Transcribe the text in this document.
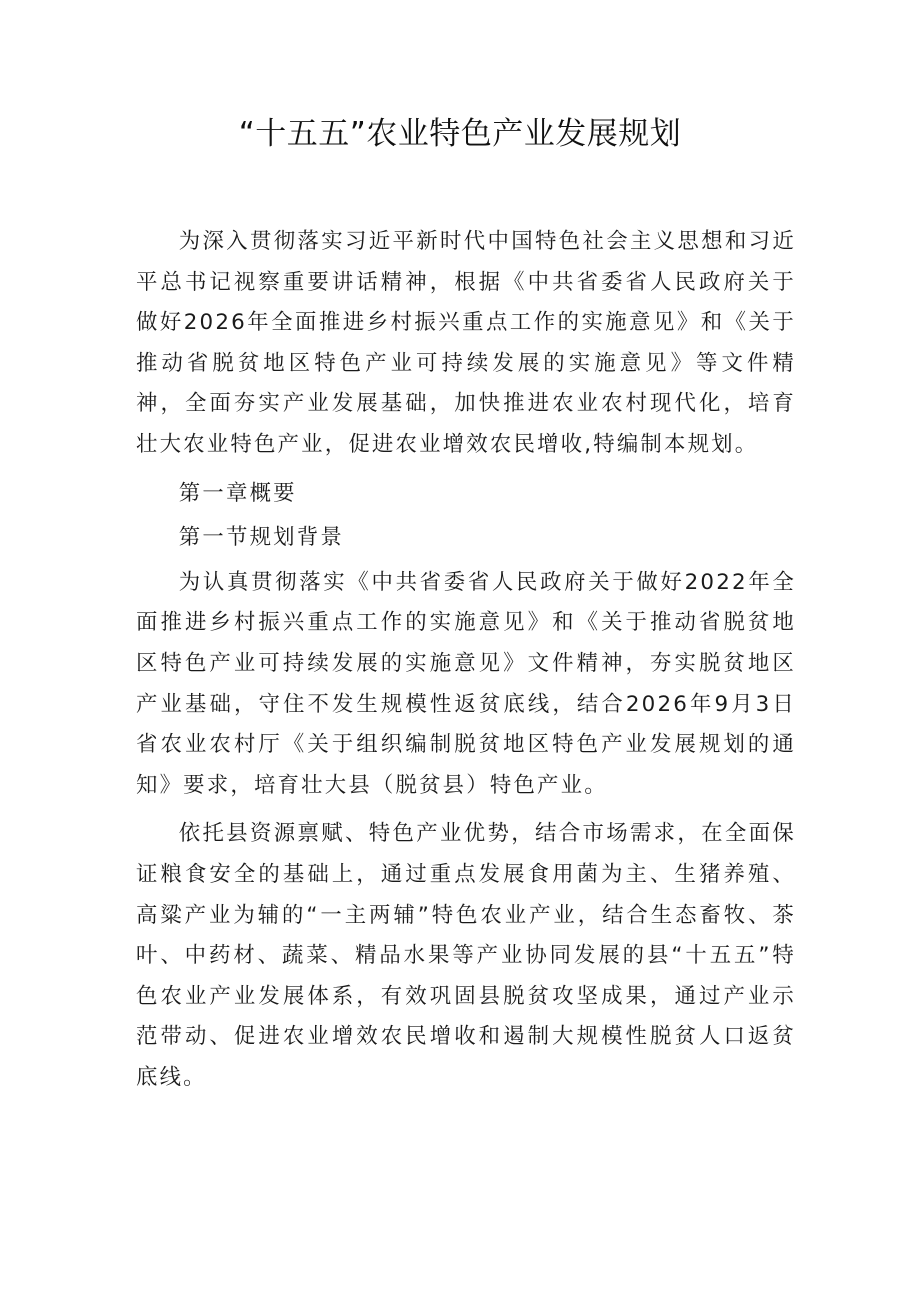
“十五五”农业特色产业发展规划

为深入贯彻落实习近平新时代中国特色社会主义思想和习近平总书记视察重要讲话精神，根据《中共省委省人民政府关于做好2026年全面推进乡村振兴重点工作的实施意见》和《关于推动省脱贫地区特色产业可持续发展的实施意见》等文件精神，全面夯实产业发展基础，加快推进农业农村现代化，培育壮大农业特色产业，促进农业增效农民增收,特编制本规划。

第一章概要

第一节规划背景

为认真贯彻落实《中共省委省人民政府关于做好2022年全面推进乡村振兴重点工作的实施意见》和《关于推动省脱贫地区特色产业可持续发展的实施意见》文件精神，夯实脱贫地区产业基础，守住不发生规模性返贫底线，结合2026年9月3日省农业农村厅《关于组织编制脱贫地区特色产业发展规划的通知》要求，培育壮大县（脱贫县）特色产业。

依托县资源禀赋、特色产业优势，结合市场需求，在全面保证粮食安全的基础上，通过重点发展食用菌为主、生猪养殖、高粱产业为辅的“一主两辅”特色农业产业，结合生态畜牧、茶叶、中药材、蔬菜、精品水果等产业协同发展的县“十五五”特色农业产业发展体系，有效巩固县脱贫攻坚成果，通过产业示范带动、促进农业增效农民增收和遏制大规模性脱贫人口返贫底线。
